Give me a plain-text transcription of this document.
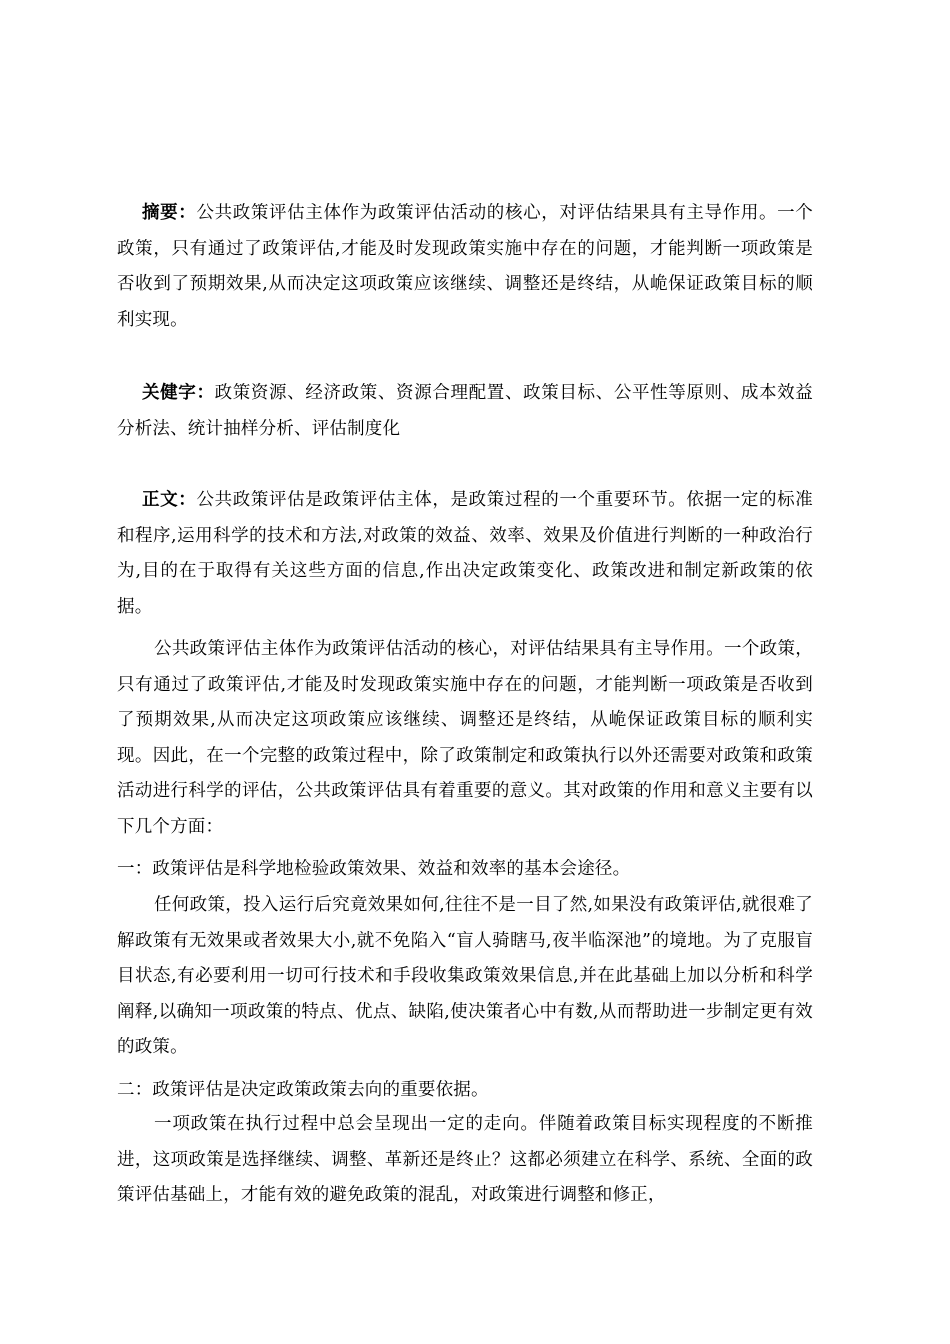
摘要：公共政策评估主体作为政策评估活动的核心，对评估结果具有主导作用。一个政策，只有通过了政策评估,才能及时发现政策实施中存在的问题，才能判断一项政策是否收到了预期效果,从而决定这项政策应该继续、调整还是终结，从峗保证政策目标的顺利实现。

关健字：政策资源、经济政策、资源合理配置、政策目标、公平性等原则、成本效益分析法、统计抽样分析、评估制度化

正文：公共政策评估是政策评估主体，是政策过程的一个重要环节。依据一定的标准和程序,运用科学的技术和方法,对政策的效益、效率、效果及价值进行判断的一种政治行为,目的在于取得有关这些方面的信息,作出决定政策变化、政策改进和制定新政策的依据。

公共政策评估主体作为政策评估活动的核心，对评估结果具有主导作用。一个政策，只有通过了政策评估,才能及时发现政策实施中存在的问题，才能判断一项政策是否收到了预期效果,从而决定这项政策应该继续、调整还是终结，从峗保证政策目标的顺利实现。因此，在一个完整的政策过程中，除了政策制定和政策执行以外还需要对政策和政策活动进行科学的评估，公共政策评估具有着重要的意义。其对政策的作用和意义主要有以下几个方面：

一：政策评估是科学地检验政策效果、效益和效率的基本会途径。

任何政策，投入运行后究竟效果如何,往往不是一目了然,如果没有政策评估,就很难了解政策有无效果或者效果大小,就不免陷入“盲人骑瞎马,夜半临深池”的境地。为了克服盲目状态,有必要利用一切可行技术和手段收集政策效果信息,并在此基础上加以分析和科学阐释,以确知一项政策的特点、优点、缺陷,使决策者心中有数,从而帮助进一步制定更有效的政策。

二：政策评估是决定政策政策去向的重要依据。

一项政策在执行过程中总会呈现出一定的走向。伴随着政策目标实现程度的不断推进，这项政策是选择继续、调整、革新还是终止？这都必须建立在科学、系统、全面的政策评估基础上，才能有效的避免政策的混乱，对政策进行调整和修正，
